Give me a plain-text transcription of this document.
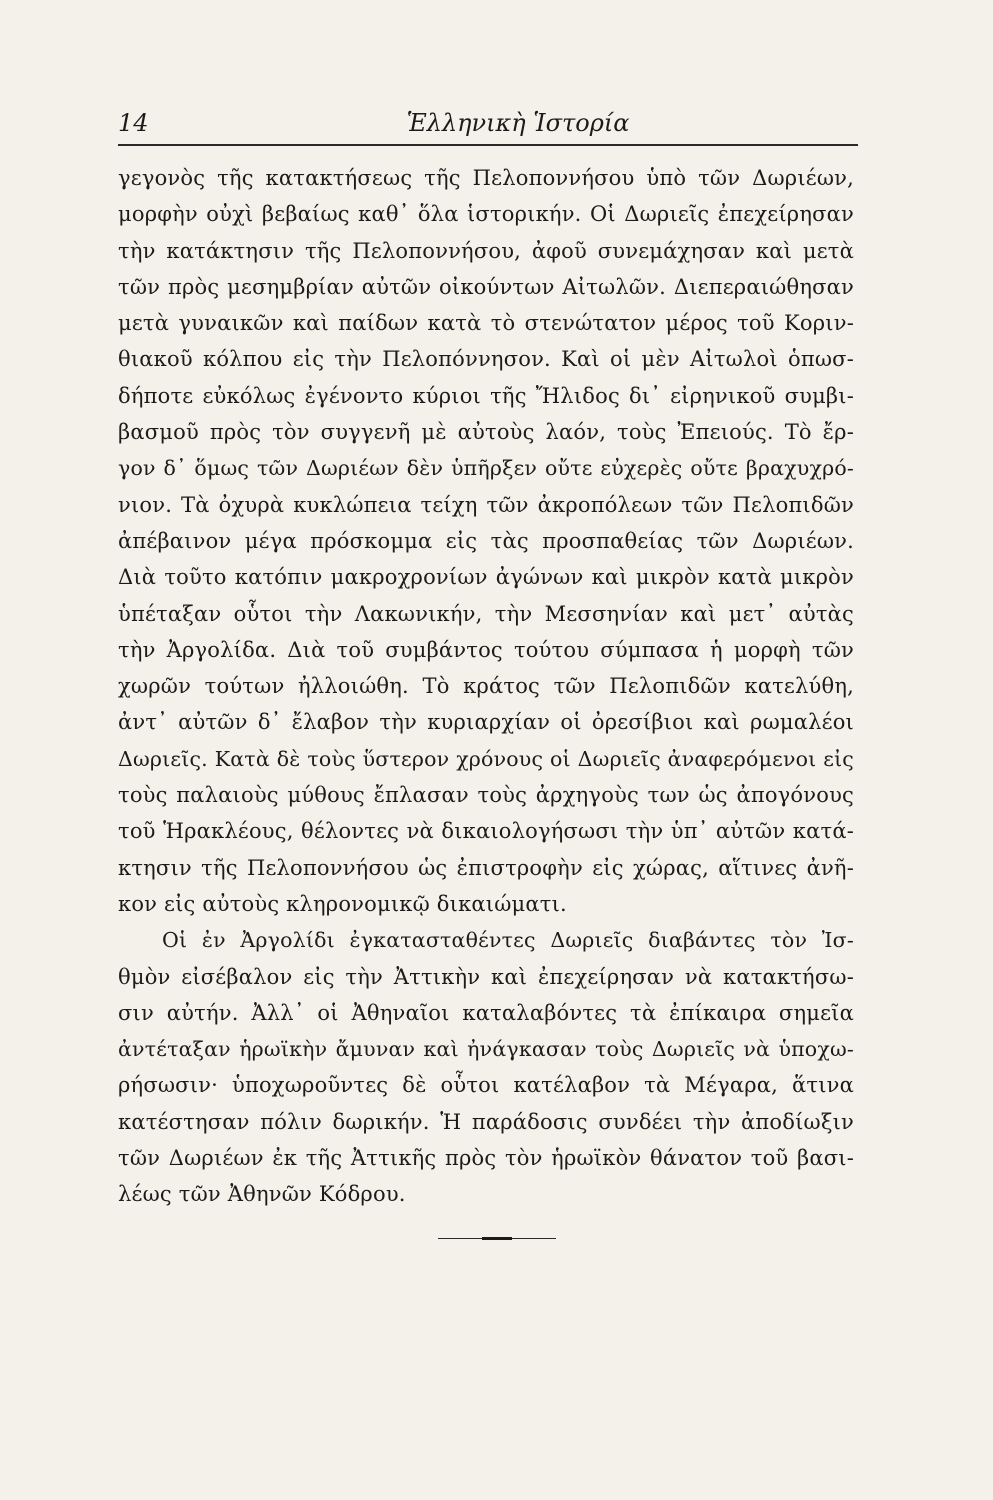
14	Ἑλληνικὴ Ἱστορία
γεγονὸς τῆς κατακτήσεως τῆς Πελοποννήσου ὑπὸ τῶν Δωριέων,
μορφὴν οὐχὶ βεβαίως καθ᾽ ὅλα ἱστορικήν. Οἱ Δωριεῖς ἐπεχείρησαν
τὴν κατάκτησιν τῆς Πελοποννήσου, ἀφοῦ συνεμάχησαν καὶ μετὰ
τῶν πρὸς μεσημβρίαν αὐτῶν οἰκούντων Αἰτωλῶν. Διεπεραιώθησαν
μετὰ γυναικῶν καὶ παίδων κατὰ τὸ στενώτατον μέρος τοῦ Κοριν-
θιακοῦ κόλπου εἰς τὴν Πελοπόννησον. Καὶ οἱ μὲν Αἰτωλοὶ ὁπωσ-
δήποτε εὐκόλως ἐγένοντο κύριοι τῆς Ἤλιδος δι᾽ εἰρηνικοῦ συμβι-
βασμοῦ πρὸς τὸν συγγενῆ μὲ αὐτοὺς λαόν, τοὺς Ἐπειούς. Τὸ ἔρ-
γον δ᾽ ὅμως τῶν Δωριέων δὲν ὑπῆρξεν οὔτε εὐχερὲς οὔτε βραχυχρό-
νιον. Τὰ ὀχυρὰ κυκλώπεια τείχη τῶν ἀκροπόλεων τῶν Πελοπιδῶν
ἀπέβαινον μέγα πρόσκομμα εἰς τὰς προσπαθείας τῶν Δωριέων.
Διὰ τοῦτο κατόπιν μακροχρονίων ἀγώνων καὶ μικρὸν κατὰ μικρὸν
ὑπέταξαν οὗτοι τὴν Λακωνικήν, τὴν Μεσσηνίαν καὶ μετ᾽ αὐτὰς
τὴν Ἀργολίδα. Διὰ τοῦ συμβάντος τούτου σύμπασα ἡ μορφὴ τῶν
χωρῶν τούτων ἠλλοιώθη. Τὸ κράτος τῶν Πελοπιδῶν κατελύθη,
ἀντ᾽ αὐτῶν δ᾽ ἔλαβον τὴν κυριαρχίαν οἱ ὀρεσίβιοι καὶ ρωμαλέοι
Δωριεῖς. Κατὰ δὲ τοὺς ὕστερον χρόνους οἱ Δωριεῖς ἀναφερόμενοι εἰς
τοὺς παλαιοὺς μύθους ἔπλασαν τοὺς ἀρχηγοὺς των ὡς ἀπογόνους
τοῦ Ἡρακλέους, θέλοντες νὰ δικαιολογήσωσι τὴν ὑπ᾽ αὐτῶν κατά-
κτησιν τῆς Πελοποννήσου ὡς ἐπιστροφὴν εἰς χώρας, αἵτινες ἀνῆ-
κον εἰς αὐτοὺς κληρονομικῷ δικαιώματι.
Οἱ ἐν Ἀργολίδι ἐγκατασταθέντες Δωριεῖς διαβάντες τὸν Ἰσ-
θμὸν εἰσέβαλον εἰς τὴν Ἀττικὴν καὶ ἐπεχείρησαν νὰ κατακτήσω-
σιν αὐτήν. Ἀλλ᾽ οἱ Ἀθηναῖοι καταλαβόντες τὰ ἐπίκαιρα σημεῖα
ἀντέταξαν ἡρωϊκὴν ἄμυναν καὶ ἠνάγκασαν τοὺς Δωριεῖς νὰ ὑποχω-
ρήσωσιν· ὑποχωροῦντες δὲ οὗτοι κατέλαβον τὰ Μέγαρα, ἅτινα
κατέστησαν πόλιν δωρικήν. Ἡ παράδοσις συνδέει τὴν ἀποδίωξιν
τῶν Δωριέων ἐκ τῆς Ἀττικῆς πρὸς τὸν ἡρωϊκὸν θάνατον τοῦ βασι-
λέως τῶν Ἀθηνῶν Κόδρου.
